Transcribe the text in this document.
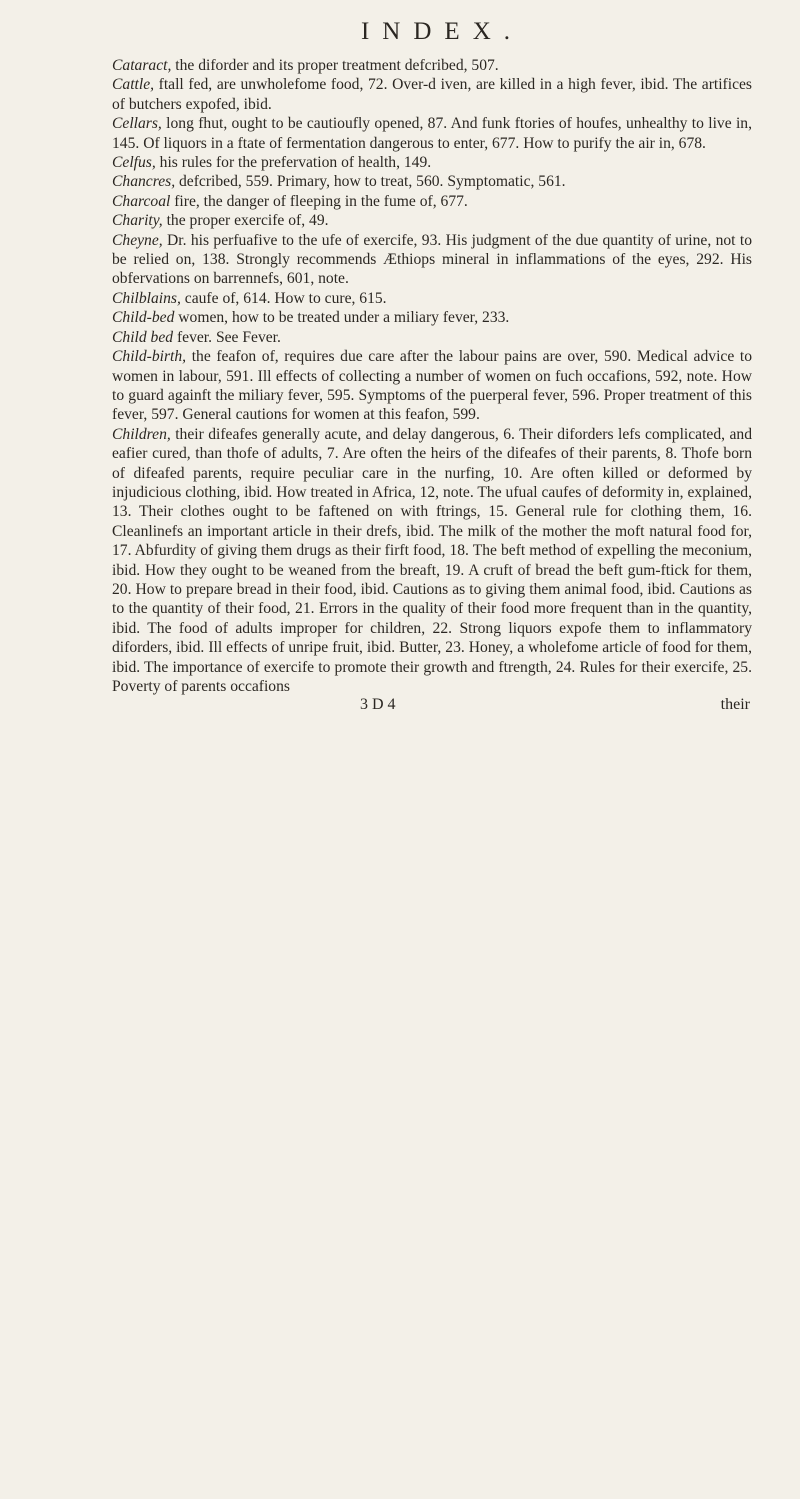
INDEX.

Cataract, the diforder and its proper treatment defcribed, 507.

Cattle, ftall fed, are unwholefome food, 72. Over-d iven, are killed in a high fever, ibid. The artifices of butchers expofed, ibid.

Cellars, long fhut, ought to be cautioufly opened, 87. And funk ftories of houfes, unhealthy to live in, 145. Of liquors in a ftate of fermentation dangerous to enter, 677. How to purify the air in, 678.

Celfus, his rules for the prefervation of health, 149.

Chancres, defcribed, 559. Primary, how to treat, 560. Symptomatic, 561.

Charcoal fire, the danger of fleeping in the fume of, 677.

Charity, the proper exercife of, 49.

Cheyne, Dr. his perfuafive to the ufe of exercife, 93. His judgment of the due quantity of urine, not to be relied on, 138. Strongly recommends Æthiops mineral in inflammations of the eyes, 292. His obfervations on barrennefs, 601, note.

Chilblains, caufe of, 614. How to cure, 615.

Child-bed women, how to be treated under a miliary fever, 233.

Child bed fever. See Fever.

Child-birth, the feafon of, requires due care after the labour pains are over, 590. Medical advice to women in labour, 591. Ill effects of collecting a number of women on fuch occafions, 592, note. How to guard againft the miliary fever, 595. Symptoms of the puerperal fever, 596. Proper treatment of this fever, 597. General cautions for women at this feafon, 599.

Children, their difeafes generally acute, and delay dangerous, 6. Their diforders lefs complicated, and eafier cured, than thofe of adults, 7. Are often the heirs of the difeafes of their parents, 8. Thofe born of difeafed parents, require peculiar care in the nurfing, 10. Are often killed or deformed by injudicious clothing, ibid. How treated in Africa, 12, note. The ufual caufes of deformity in, explained, 13. Their clothes ought to be faftened on with ftrings, 15. General rule for clothing them, 16. Cleanlinefs an important article in their drefs, ibid. The milk of the mother the moft natural food for, 17. Abfurdity of giving them drugs as their firft food, 18. The beft method of expelling the meconium, ibid. How they ought to be weaned from the breaft, 19. A cruft of bread the beft gum-ftick for them, 20. How to prepare bread in their food, ibid. Cautions as to giving them animal food, ibid. Cautions as to the quantity of their food, 21. Errors in the quality of their food more frequent than in the quantity, ibid. The food of adults improper for children, 22. Strong liquors expofe them to inflammatory diforders, ibid. Ill effects of unripe fruit, ibid. Butter, 23. Honey, a wholefome article of food for them, ibid. The importance of exercife to promote their growth and ftrength, 24. Rules for their exercife, 25. Poverty of parents occafions

3 D 4	their
